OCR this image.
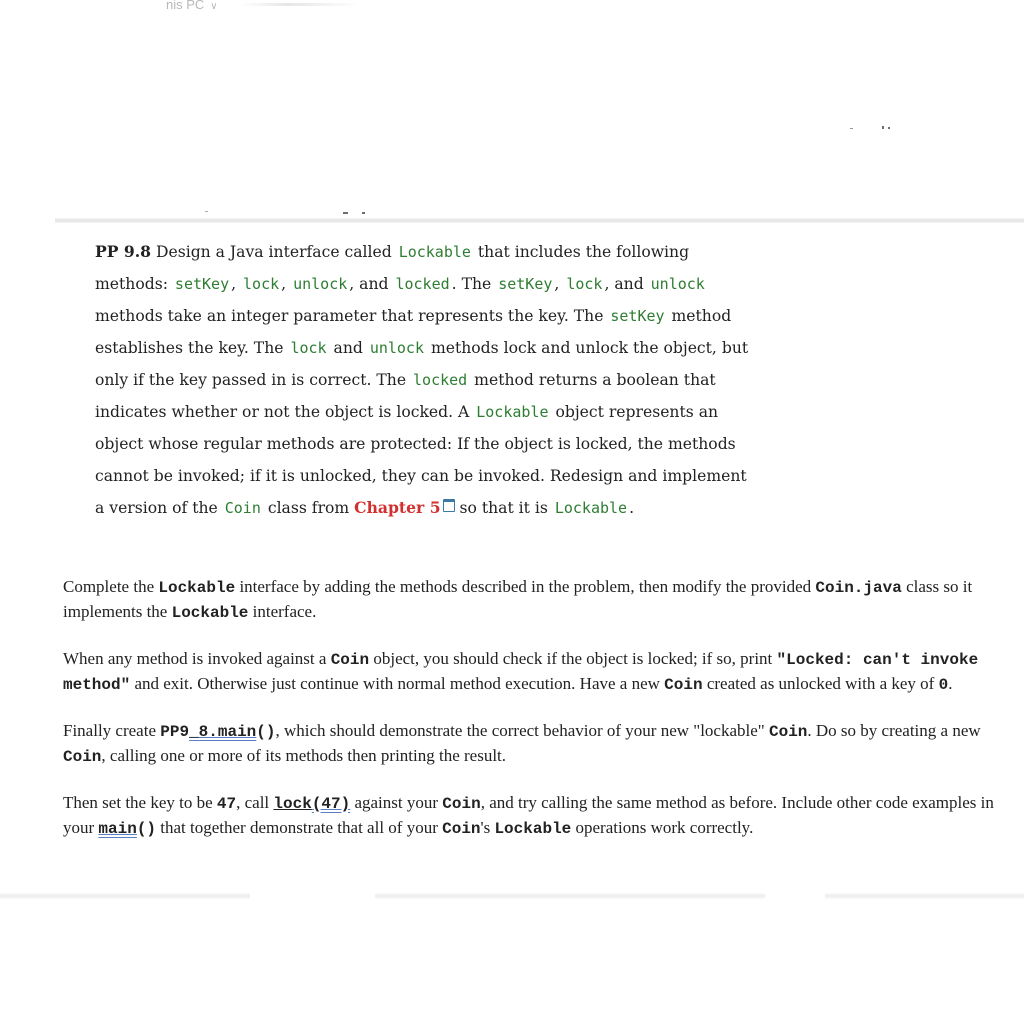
nis PC ∨

PP 9.8 Design a Java interface called Lockable that includes the following methods: setKey , lock , unlock , and locked . The setKey , lock , and unlock methods take an integer parameter that represents the key. The setKey method establishes the key. The lock and unlock methods lock and unlock the object, but only if the key passed in is correct. The locked method returns a boolean that indicates whether or not the object is locked. A Lockable object represents an object whose regular methods are protected: If the object is locked, the methods cannot be invoked; if it is unlocked, they can be invoked. Redesign and implement a version of the Coin class from Chapter 5 so that it is Lockable .

Complete the Lockable interface by adding the methods described in the problem, then modify the provided Coin.java class so it implements the Lockable interface.

When any method is invoked against a Coin object, you should check if the object is locked; if so, print "Locked: can't invoke method" and exit. Otherwise just continue with normal method execution. Have a new Coin created as unlocked with a key of 0.

Finally create PP9_8.main(), which should demonstrate the correct behavior of your new "lockable" Coin. Do so by creating a new Coin, calling one or more of its methods then printing the result.

Then set the key to be 47, call lock(47) against your Coin, and try calling the same method as before. Include other code examples in your main() that together demonstrate that all of your Coin's Lockable operations work correctly.
